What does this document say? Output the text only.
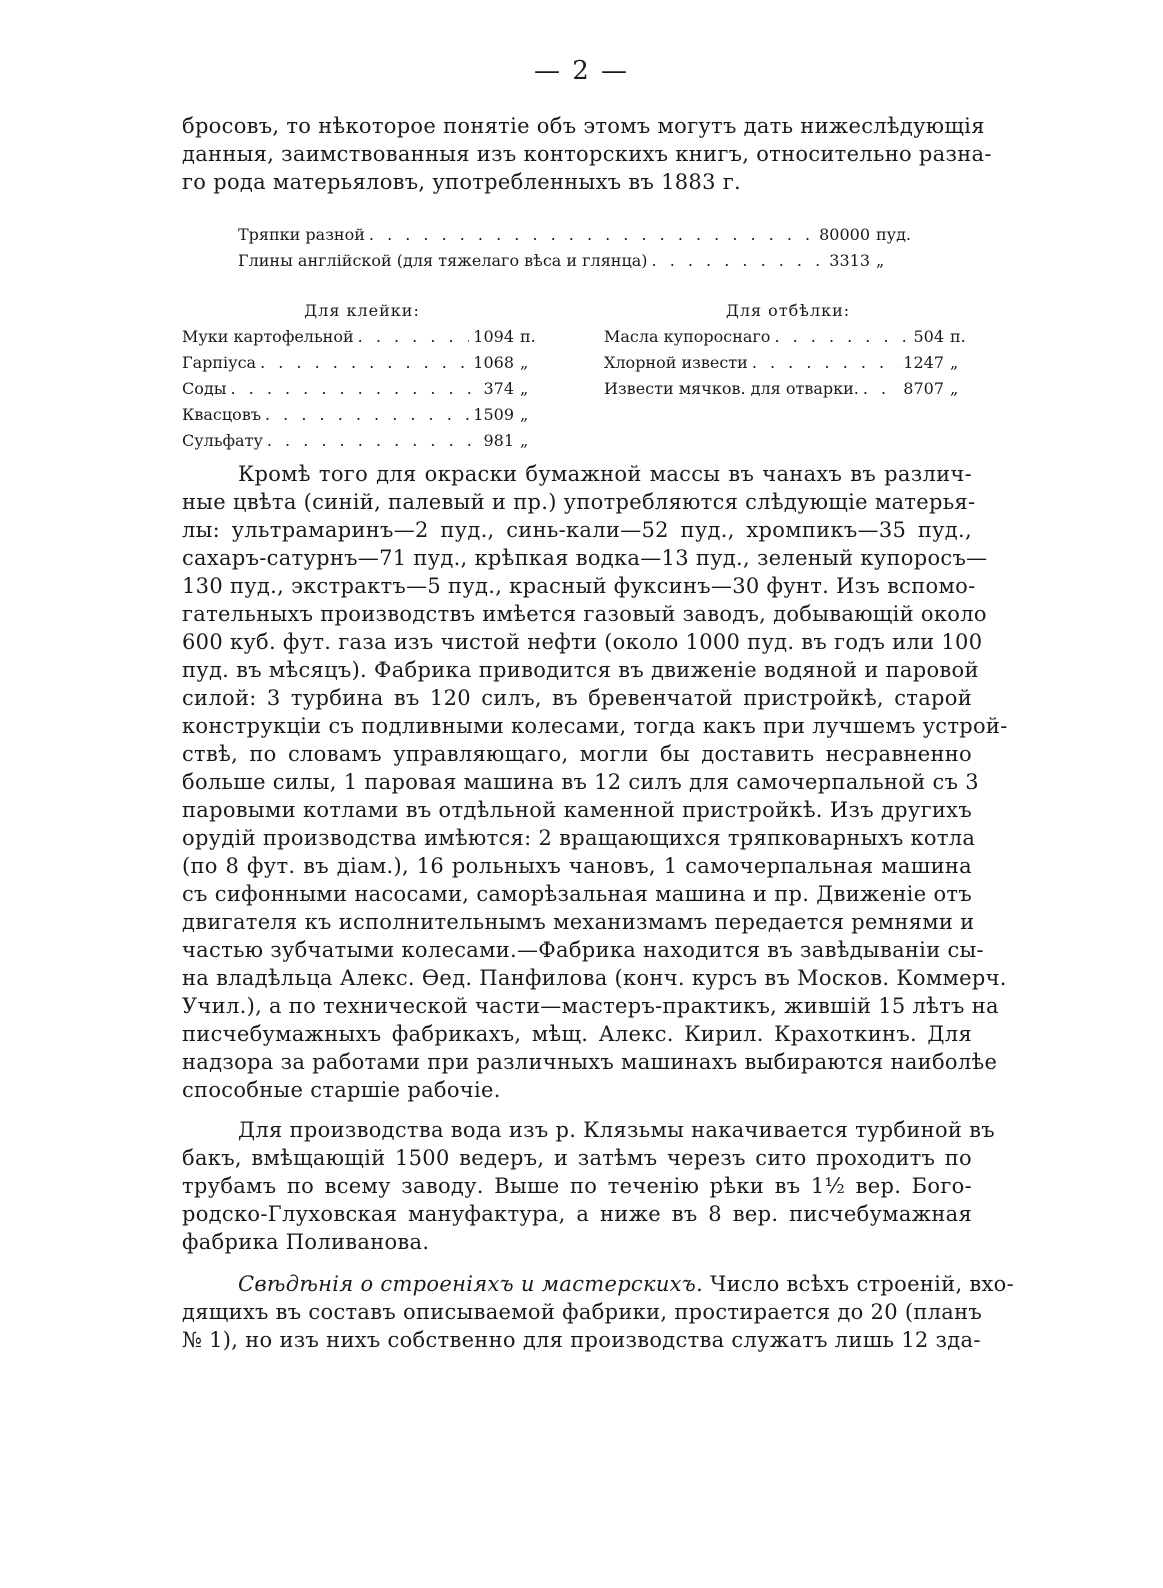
— 2 —
бросовъ, то нѣкоторое понятіе объ этомъ могутъ дать нижеслѣдующія
данныя, заимствованныя изъ конторскихъ книгъ, относительно разна-
го рода матерьяловъ, употребленныхъ въ 1883 г.
Тряпки разной . . .	80000 пуд.
Глины англійской (для тяжелаго вѣса и глянца) . . .	3313 „
Для клейки:
Муки картофельной . . .	1094 п.
Гарпіуса . . .	1068 „
Соды . . .	374 „
Квасцовъ . . .	1509 „
Сульфату . . .	981 „
Для отбѣлки:
Масла купороснаго . . .	504 п.
Хлорной извести . . .	1247 „
Извести мячков. для отварки. . . .	8707 „
Кромѣ того для окраски бумажной массы въ чанахъ въ различ-
ные цвѣта (синій, палевый и пр.) употребляются слѣдующіе матерья-
лы: ультрамаринъ—2 пуд., синь-кали—52 пуд., хромпикъ—35 пуд.,
сахаръ-сатурнъ—71 пуд., крѣпкая водка—13 пуд., зеленый купоросъ—
130 пуд., экстрактъ—5 пуд., красный фуксинъ—30 фунт. Изъ вспомо-
гательныхъ производствъ имѣется газовый заводъ, добывающій около
600 куб. фут. газа изъ чистой нефти (около 1000 пуд. въ годъ или 100
пуд. въ мѣсяцъ). Фабрика приводится въ движеніе водяной и паровой
силой: 3 турбина въ 120 силъ, въ бревенчатой пристройкѣ, старой
конструкціи съ подливными колесами, тогда какъ при лучшемъ устрой-
ствѣ, по словамъ управляющаго, могли бы доставить несравненно
больше силы, 1 паровая машина въ 12 силъ для самочерпальной съ 3
паровыми котлами въ отдѣльной каменной пристройкѣ. Изъ другихъ
орудій производства имѣются: 2 вращающихся тряпковарныхъ котла
(по 8 фут. въ діам.), 16 рольныхъ чановъ, 1 самочерпальная машина
съ сифонными насосами, саморѣзальная машина и пр. Движеніе отъ
двигателя къ исполнительнымъ механизмамъ передается ремнями и
частью зубчатыми колесами.—Фабрика находится въ завѣдываніи сы-
на владѣльца Алекс. Ѳед. Панфилова (конч. курсъ въ Москов. Коммерч.
Учил.), а по технической части—мастеръ-практикъ, жившій 15 лѣтъ на
писчебумажныхъ фабрикахъ, мѣщ. Алекс. Кирил. Крахоткинъ. Для
надзора за работами при различныхъ машинахъ выбираются наиболѣе
способные старшіе рабочіе.
Для производства вода изъ р. Клязьмы накачивается турбиной въ
бакъ, вмѣщающій 1500 ведеръ, и затѣмъ черезъ сито проходитъ по
трубамъ по всему заводу. Выше по теченію рѣки въ 1½ вер. Бого-
родско-Глуховская мануфактура, а ниже въ 8 вер. писчебумажная
фабрика Поливанова.
Свѣдѣнія о строеніяхъ и мастерскихъ. Число всѣхъ строеній, вхо-
дящихъ въ составъ описываемой фабрики, простирается до 20 (планъ
№ 1), но изъ нихъ собственно для производства служатъ лишь 12 зда-
